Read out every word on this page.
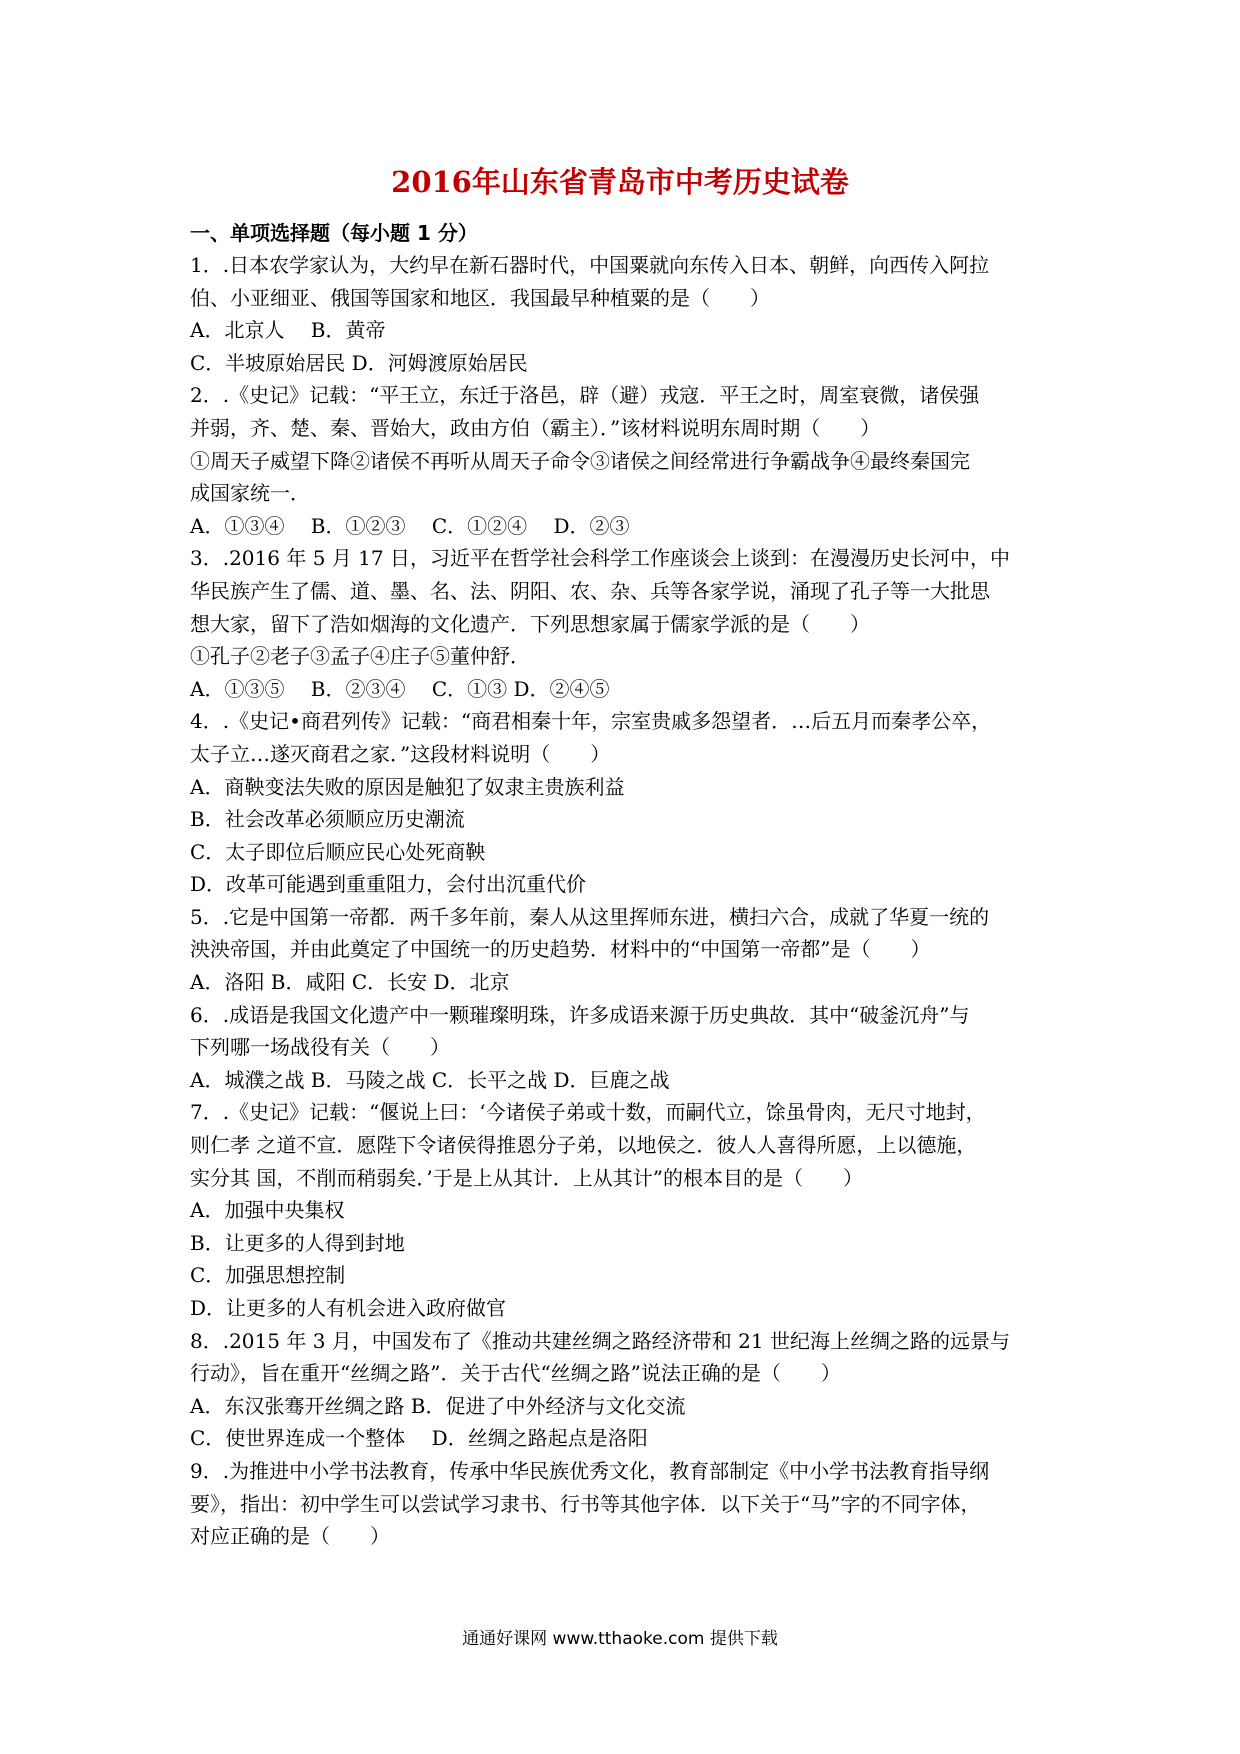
2016年山东省青岛市中考历史试卷
一、单项选择题（每小题 1 分）
1．.日本农学家认为，大约早在新石器时代，中国粟就向东传入日本、朝鲜，向西传入阿拉
伯、小亚细亚、俄国等国家和地区．我国最早种植粟的是（　　）
A．北京人　 B．黄帝
C．半坡原始居民 D．河姆渡原始居民
2．.《史记》记载：“平王立，东迁于洛邑，辟（避）戎寇．平王之时，周室衰微，诸侯强
并弱，齐、楚、秦、晋始大，政由方伯（霸主）．”该材料说明东周时期（　　）
①周天子威望下降②诸侯不再听从周天子命令③诸侯之间经常进行争霸战争④最终秦国完
成国家统一．
A．①③④　 B．①②③　 C．①②④　 D．②③
3．.2016 年 5 月 17 日，习近平在哲学社会科学工作座谈会上谈到：在漫漫历史长河中，中
华民族产生了儒、道、墨、名、法、阴阳、农、杂、兵等各家学说，涌现了孔子等一大批思
想大家，留下了浩如烟海的文化遗产．下列思想家属于儒家学派的是（　　）
①孔子②老子③孟子④庄子⑤董仲舒．
A．①③⑤　 B．②③④　 C．①③ D．②④⑤
4．.《史记•商君列传》记载：“商君相秦十年，宗室贵戚多怨望者．…后五月而秦孝公卒，
太子立…遂灭商君之家．”这段材料说明（　　）
A．商鞅变法失败的原因是触犯了奴隶主贵族利益
B．社会改革必须顺应历史潮流
C．太子即位后顺应民心处死商鞅
D．改革可能遇到重重阻力，会付出沉重代价
5．.它是中国第一帝都．两千多年前，秦人从这里挥师东进，横扫六合，成就了华夏一统的
泱泱帝国，并由此奠定了中国统一的历史趋势．材料中的“中国第一帝都”是（　　）
A．洛阳 B．咸阳 C．长安 D．北京
6．.成语是我国文化遗产中一颗璀璨明珠，许多成语来源于历史典故．其中“破釜沉舟”与
下列哪一场战役有关（　　）
A．城濮之战 B．马陵之战 C．长平之战 D．巨鹿之战
7．.《史记》记载：“偃说上曰：‘今诸侯子弟或十数，而嗣代立，馀虽骨肉，无尺寸地封，
则仁孝 之道不宣．愿陛下令诸侯得推恩分子弟，以地侯之．彼人人喜得所愿，上以德施，
实分其 国，不削而稍弱矣．’于是上从其计．上从其计”的根本目的是（　　）
A．加强中央集权
B．让更多的人得到封地
C．加强思想控制
D．让更多的人有机会进入政府做官
8．.2015 年 3 月，中国发布了《推动共建丝绸之路经济带和 21 世纪海上丝绸之路的远景与
行动》，旨在重开“丝绸之路”．关于古代“丝绸之路”说法正确的是（　　）
A．东汉张骞开丝绸之路 B．促进了中外经济与文化交流
C．使世界连成一个整体　 D．丝绸之路起点是洛阳
9．.为推进中小学书法教育，传承中华民族优秀文化，教育部制定《中小学书法教育指导纲
要》，指出：初中学生可以尝试学习隶书、行书等其他字体．以下关于“马”字的不同字体，
对应正确的是（　　）
通通好课网 www.tthaoke.com 提供下载
